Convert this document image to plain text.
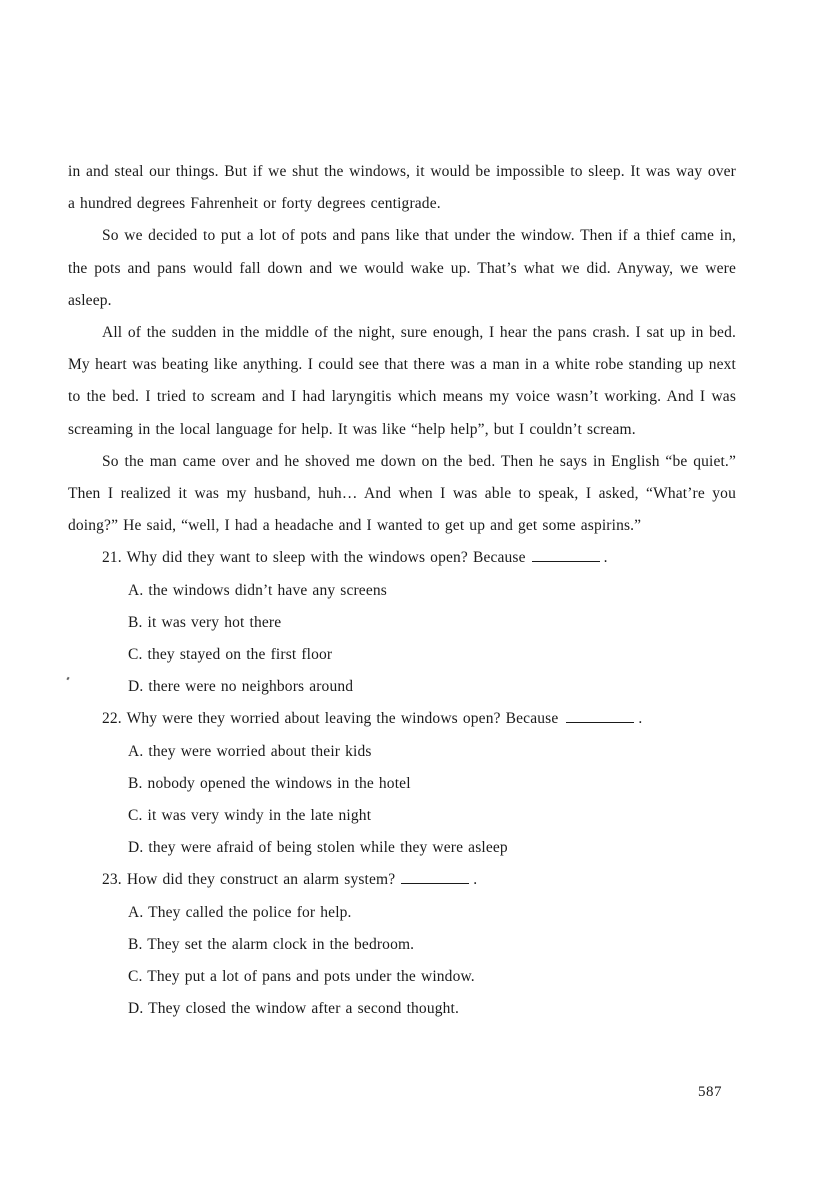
in and steal our things. But if we shut the windows, it would be impossible to sleep. It was way over a hundred degrees Fahrenheit or forty degrees centigrade.

So we decided to put a lot of pots and pans like that under the window. Then if a thief came in, the pots and pans would fall down and we would wake up. That’s what we did. Anyway, we were asleep.

All of the sudden in the middle of the night, sure enough, I hear the pans crash. I sat up in bed. My heart was beating like anything. I could see that there was a man in a white robe standing up next to the bed. I tried to scream and I had laryngitis which means my voice wasn’t working. And I was screaming in the local language for help. It was like “help help”, but I couldn’t scream.

So the man came over and he shoved me down on the bed. Then he says in English “be quiet.” Then I realized it was my husband, huh… And when I was able to speak, I asked, “What’re you doing?” He said, “well, I had a headache and I wanted to get up and get some aspirins.”

21. Why did they want to sleep with the windows open? Because	.

A. the windows didn’t have any screens

B. it was very hot there

C. they stayed on the first floor

D. there were no neighbors around

22. Why were they worried about leaving the windows open? Because	.

A. they were worried about their kids

B. nobody opened the windows in the hotel

C. it was very windy in the late night

D. they were afraid of being stolen while they were asleep

23. How did they construct an alarm system?	.

A. They called the police for help.

B. They set the alarm clock in the bedroom.

C. They put a lot of pans and pots under the window.

D. They closed the window after a second thought.

587
